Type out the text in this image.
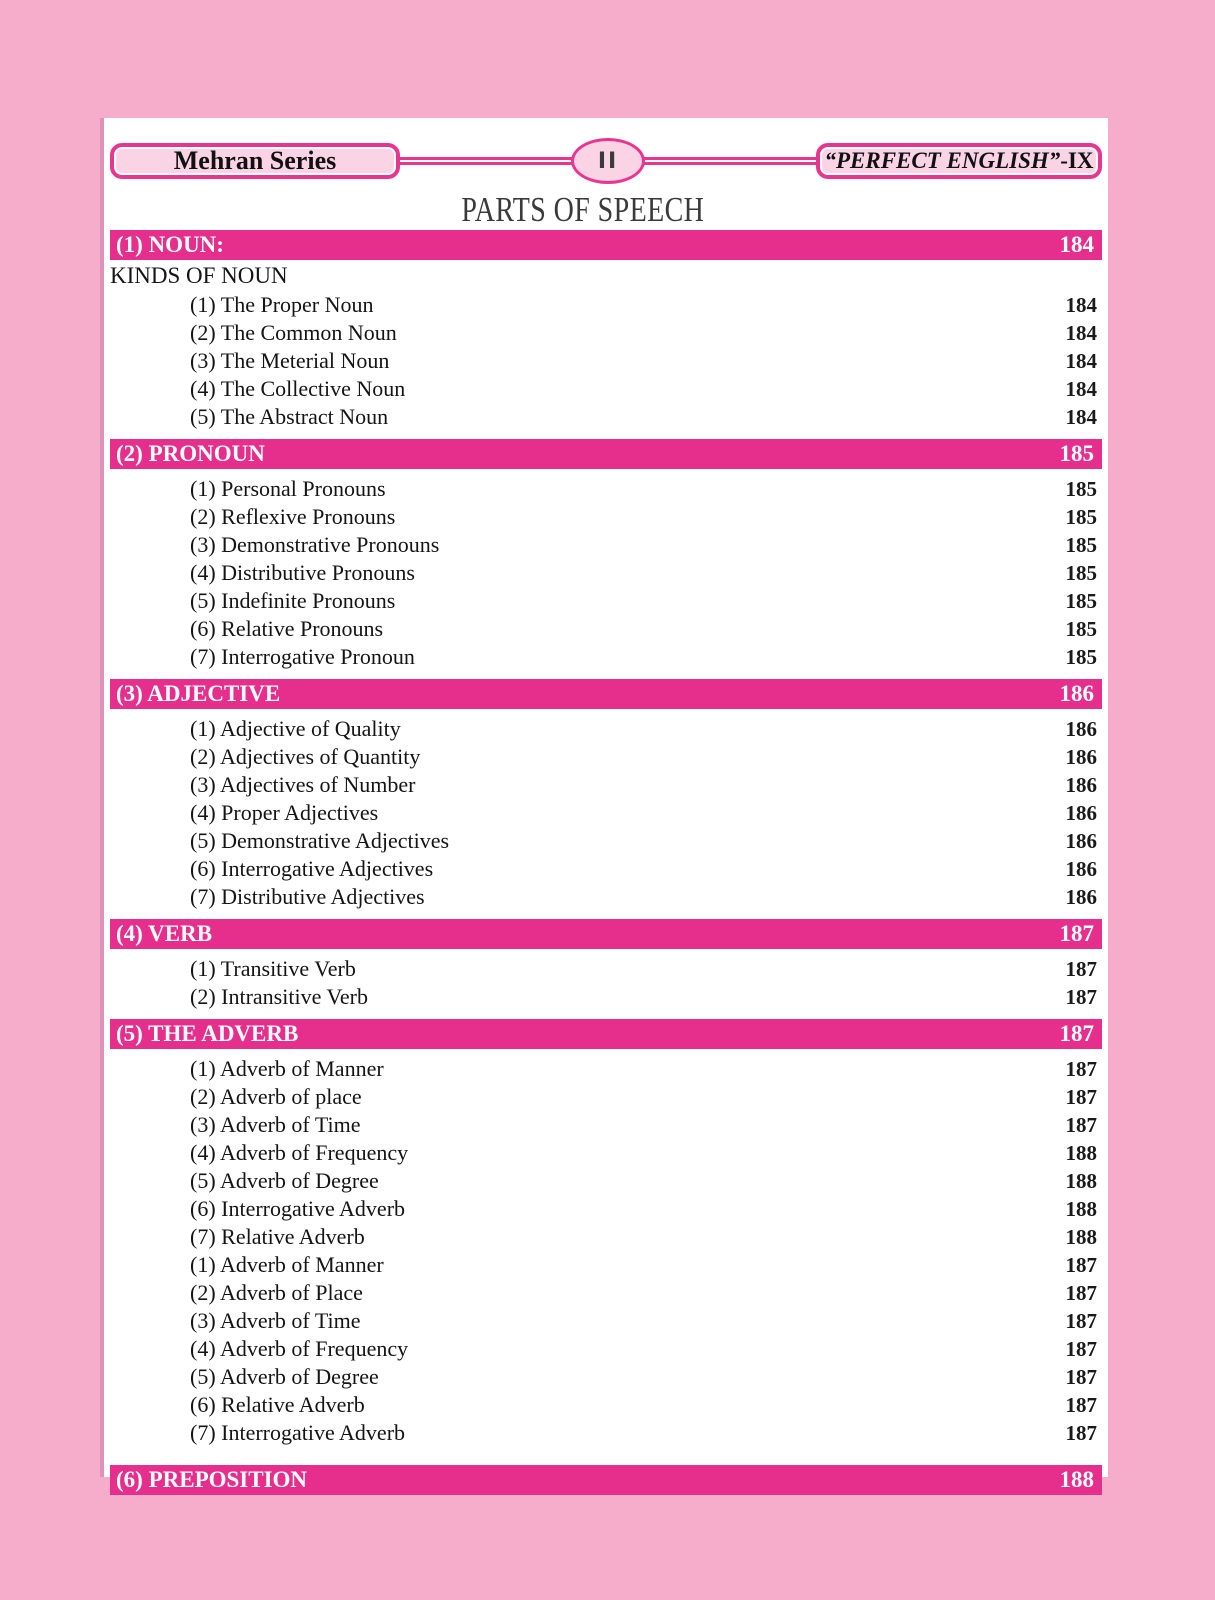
Mehran Series	II	“PERFECT ENGLISH” -IX
PARTS OF SPEECH
(1) NOUN:	184
KINDS OF NOUN
(1) The Proper Noun	184
(2) The Common Noun	184
(3) The Meterial Noun	184
(4) The Collective Noun	184
(5) The Abstract Noun	184
(2) PRONOUN	185
(1) Personal Pronouns	185
(2) Reflexive Pronouns	185
(3) Demonstrative Pronouns	185
(4) Distributive Pronouns	185
(5) Indefinite Pronouns	185
(6) Relative Pronouns	185
(7) Interrogative Pronoun	185
(3) ADJECTIVE	186
(1) Adjective of Quality	186
(2) Adjectives of Quantity	186
(3) Adjectives of Number	186
(4) Proper Adjectives	186
(5) Demonstrative Adjectives	186
(6) Interrogative Adjectives	186
(7) Distributive Adjectives	186
(4) VERB	187
(1) Transitive Verb	187
(2) Intransitive Verb	187
(5) THE ADVERB	187
(1) Adverb of Manner	187
(2) Adverb of place	187
(3) Adverb of Time	187
(4) Adverb of Frequency	188
(5) Adverb of Degree	188
(6) Interrogative Adverb	188
(7) Relative Adverb	188
(1) Adverb of Manner	187
(2) Adverb of Place	187
(3) Adverb of Time	187
(4) Adverb of Frequency	187
(5) Adverb of Degree	187
(6) Relative Adverb	187
(7) Interrogative Adverb	187
(6) PREPOSITION	188
